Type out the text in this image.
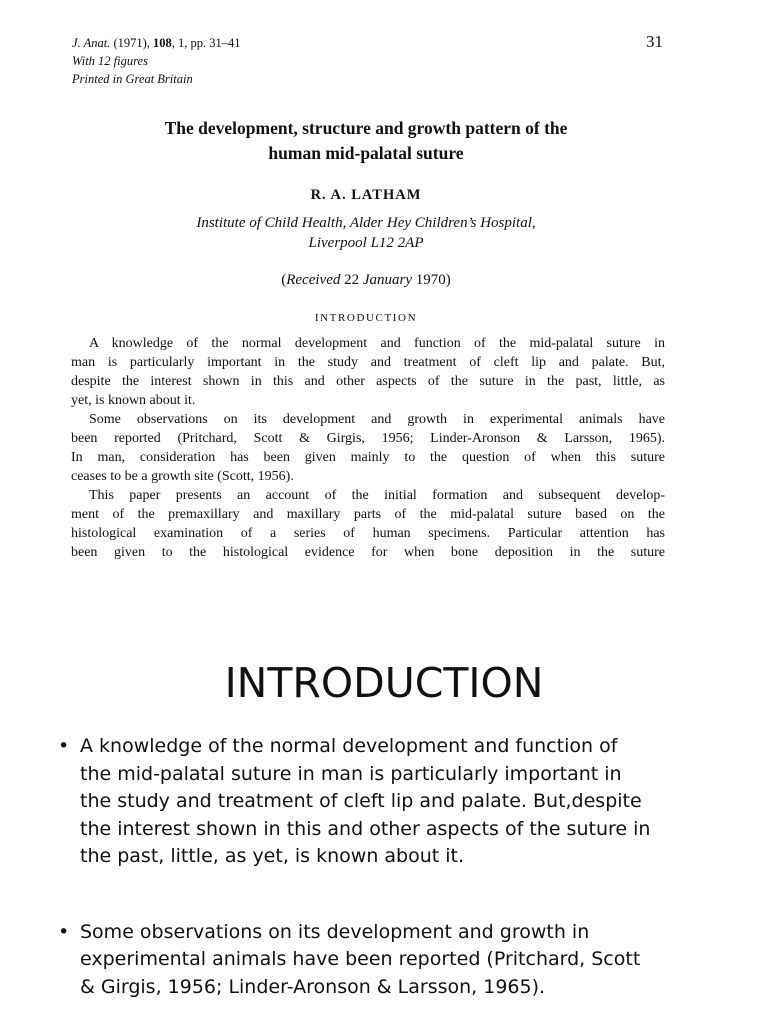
J. Anat. (1971), 108, 1, pp. 31–41
With 12 figures
Printed in Great Britain
31
The development, structure and growth pattern of the
human mid-palatal suture
R. A. LATHAM
Institute of Child Health, Alder Hey Children’s Hospital,
Liverpool L12 2AP
(Received 22 January 1970)
INTRODUCTION
A knowledge of the normal development and function of the mid-palatal suture in
man is particularly important in the study and treatment of cleft lip and palate. But,
despite the interest shown in this and other aspects of the suture in the past, little, as
yet, is known about it.
Some observations on its development and growth in experimental animals have
been reported (Pritchard, Scott & Girgis, 1956; Linder-Aronson & Larsson, 1965).
In man, consideration has been given mainly to the question of when this suture
ceases to be a growth site (Scott, 1956).
This paper presents an account of the initial formation and subsequent develop-
ment of the premaxillary and maxillary parts of the mid-palatal suture based on the
histological examination of a series of human specimens. Particular attention has
been given to the histological evidence for when bone deposition in the suture
INTRODUCTION
• A knowledge of the normal development and function of
the mid-palatal suture in man is particularly important in
the study and treatment of cleft lip and palate. But,despite
the interest shown in this and other aspects of the suture in
the past, little, as yet, is known about it.
• Some observations on its development and growth in
experimental animals have been reported (Pritchard, Scott
& Girgis, 1956; Linder-Aronson & Larsson, 1965).
